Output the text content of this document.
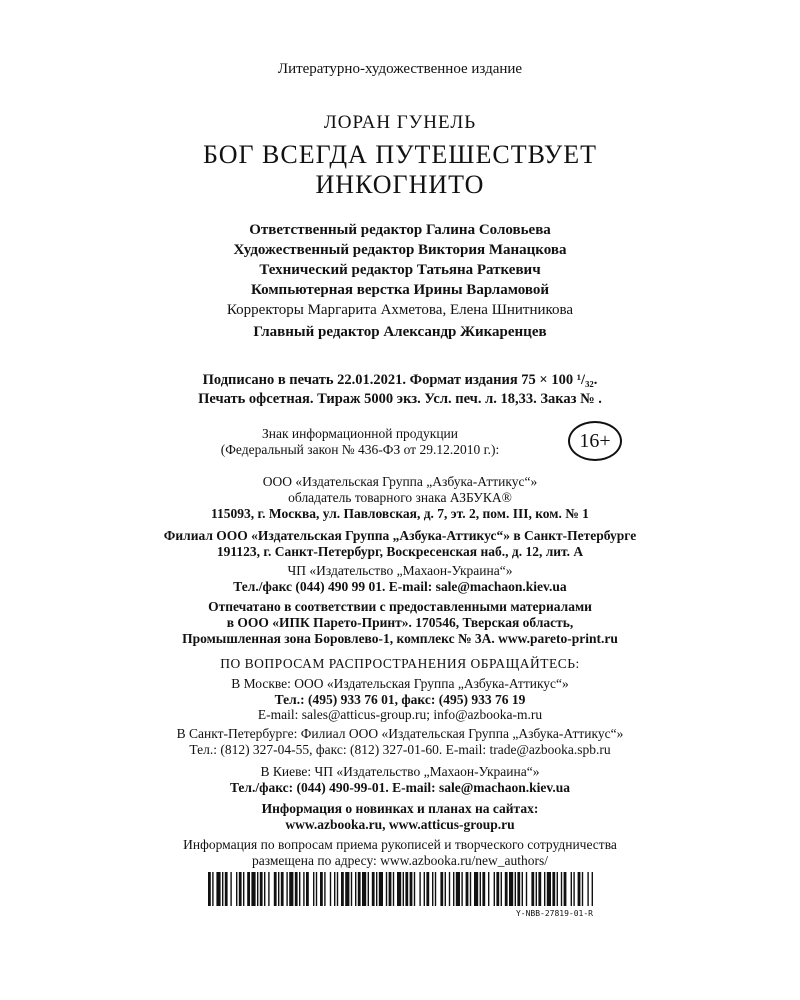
Литературно-художественное издание
ЛОРАН ГУНЕЛЬ
БОГ ВСЕГДА ПУТЕШЕСТВУЕТ
ИНКОГНИТО
Ответственный редактор Галина Соловьева
Художественный редактор Виктория Манацкова
Технический редактор Татьяна Раткевич
Компьютерная верстка Ирины Варламовой
Корректоры Маргарита Ахметова, Елена Шнитникова
Главный редактор Александр Жикаренцев
Подписано в печать 22.01.2021. Формат издания 75 × 100 ¹/₃₂.
Печать офсетная. Тираж 5000 экз. Усл. печ. л. 18,33. Заказ № .
Знак информационной продукции
(Федеральный закон № 436-ФЗ от 29.12.2010 г.):	16+
ООО «Издательская Группа „Азбука-Аттикус“»
обладатель товарного знака АЗБУКА®
115093, г. Москва, ул. Павловская, д. 7, эт. 2, пом. III, ком. № 1
Филиал ООО «Издательская Группа „Азбука-Аттикус“» в Санкт-Петербурге
191123, г. Санкт-Петербург, Воскресенская наб., д. 12, лит. А
ЧП «Издательство „Махаон-Украина“»
Тел./факс (044) 490 99 01. E-mail: sale@machaon.kiev.ua
Отпечатано в соответствии с предоставленными материалами
в ООО «ИПК Парето-Принт». 170546, Тверская область,
Промышленная зона Боровлево-1, комплекс № 3А. www.pareto-print.ru
ПО ВОПРОСАМ РАСПРОСТРАНЕНИЯ ОБРАЩАЙТЕСЬ:
В Москве: ООО «Издательская Группа „Азбука-Аттикус“»
Тел.: (495) 933 76 01, факс: (495) 933 76 19
E-mail: sales@atticus-group.ru; info@azbooka-m.ru
В Санкт-Петербурге: Филиал ООО «Издательская Группа „Азбука-Аттикус“»
Тел.: (812) 327-04-55, факс: (812) 327-01-60. E-mail: trade@azbooka.spb.ru
В Киеве: ЧП «Издательство „Махаон-Украина“»
Тел./факс: (044) 490-99-01. E-mail: sale@machaon.kiev.ua
Информация о новинках и планах на сайтах:
www.azbooka.ru, www.atticus-group.ru
Информация по вопросам приема рукописей и творческого сотрудничества
размещена по адресу: www.azbooka.ru/new_authors/
Y-NBB-27819-01-R
